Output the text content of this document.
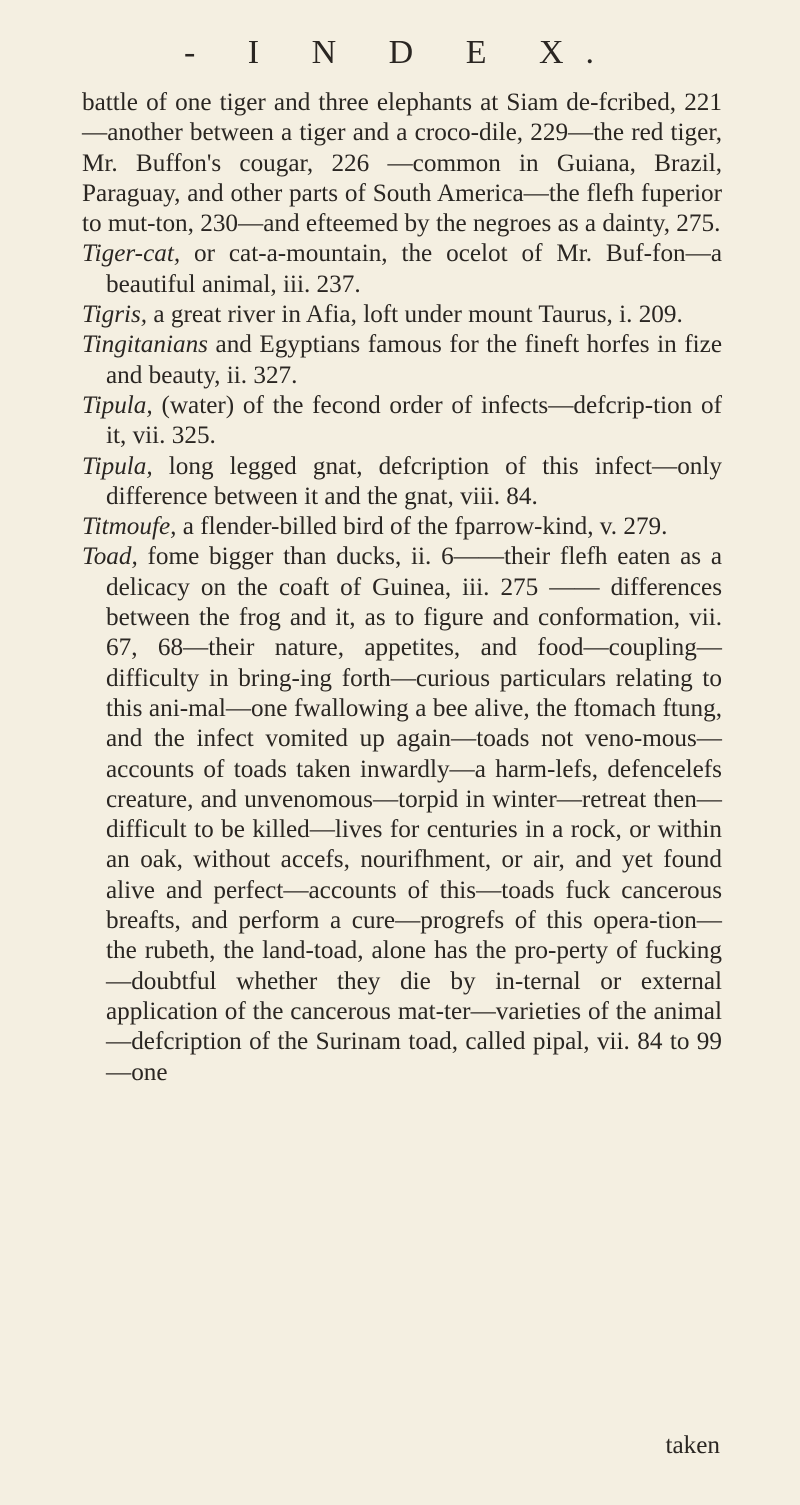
- I N D E X.

battle of one tiger and three elephants at Siam de-fcribed, 221—another between a tiger and a croco-dile, 229—the red tiger, Mr. Buffon's cougar, 226 —common in Guiana, Brazil, Paraguay, and other parts of South America—the flefh fuperior to mut-ton, 230—and efteemed by the negroes as a dainty, 275.

Tiger-cat, or cat-a-mountain, the ocelot of Mr. Buf-fon—a beautiful animal, iii. 237.

Tigris, a great river in Afia, loft under mount Taurus, i. 209.

Tingitanians and Egyptians famous for the fineft horfes in fize and beauty, ii. 327.

Tipula, (water) of the fecond order of infects—defcrip-tion of it, vii. 325.

Tipula, long legged gnat, defcription of this infect—only difference between it and the gnat, viii. 84.

Titmoufe, a flender-billed bird of the fparrow-kind, v. 279.

Toad, fome bigger than ducks, ii. 6——their flefh eaten as a delicacy on the coaft of Guinea, iii. 275 —— differences between the frog and it, as to figure and conformation, vii. 67, 68—their nature, appetites, and food—coupling—difficulty in bring-ing forth—curious particulars relating to this ani-mal—one fwallowing a bee alive, the ftomach ftung, and the infect vomited up again—toads not veno-mous—accounts of toads taken inwardly—a harm-lefs, defencelefs creature, and unvenomous—torpid in winter—retreat then—difficult to be killed—lives for centuries in a rock, or within an oak, without accefs, nourifhment, or air, and yet found alive and perfect—accounts of this—toads fuck cancerous breafts, and perform a cure—progrefs of this opera-tion—the rubeth, the land-toad, alone has the pro-perty of fucking—doubtful whether they die by in-ternal or external application of the cancerous mat-ter—varieties of the animal—defcription of the Surinam toad, called pipal, vii. 84 to 99—one

taken
